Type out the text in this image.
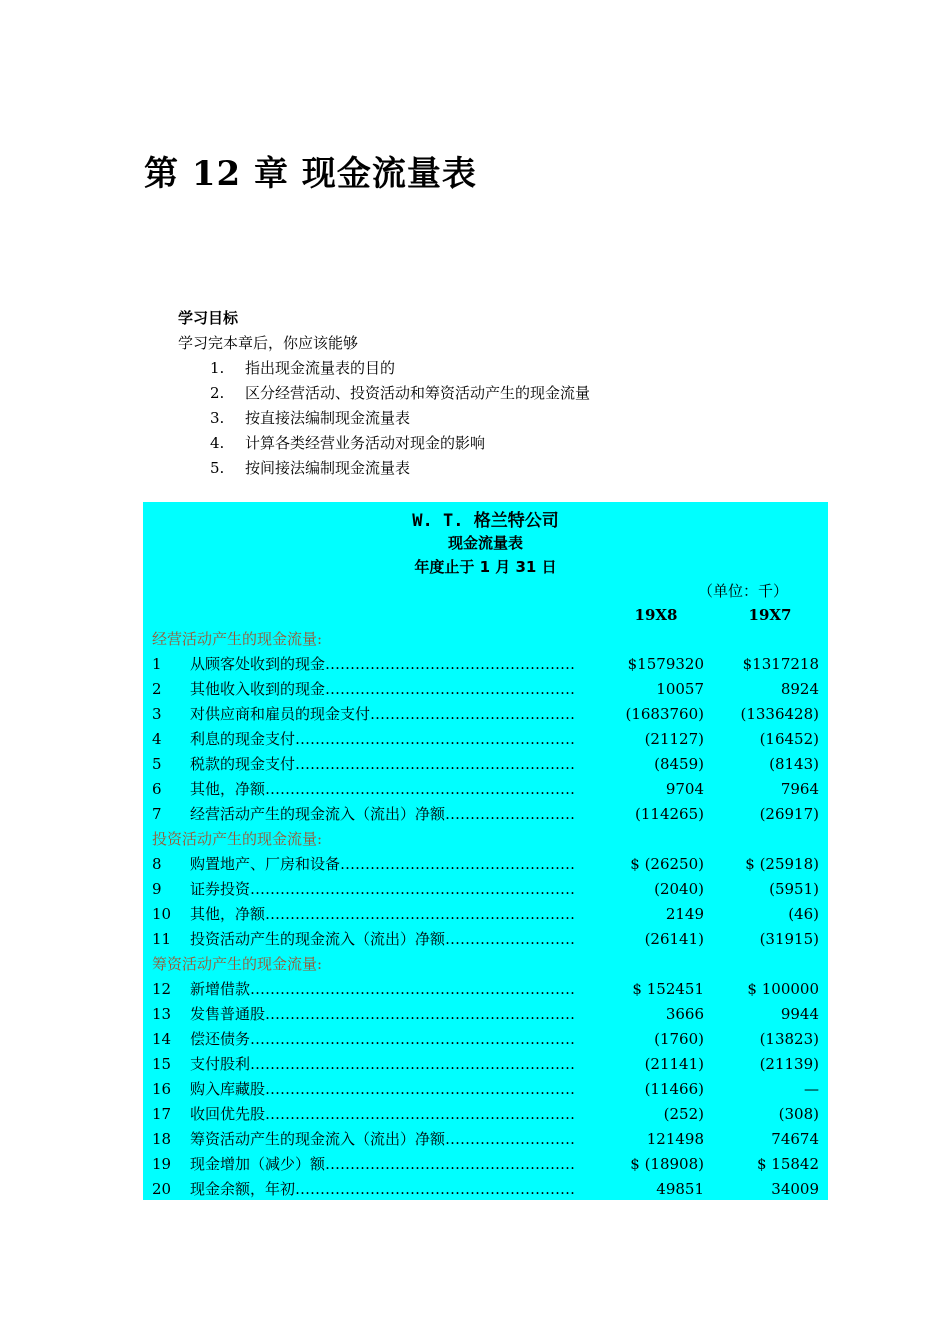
第 12 章 现金流量表
学习目标
学习完本章后，你应该能够
1.	指出现金流量表的目的
2.	区分经营活动、投资活动和筹资活动产生的现金流量
3.	按直接法编制现金流量表
4.	计算各类经营业务活动对现金的影响
5.	按间接法编制现金流量表
W. T. 格兰特公司
现金流量表
年度止于 1 月 31 日
（单位：千）
19X8	19X7
经营活动产生的现金流量:
1 从顾客处收到的现金 …………………………………………………………………………………………………	$1579320	$1317218
2 其他收入收到的现金 …………………………………………………………………………………………………	10057	8924
3 对供应商和雇员的现金支付 …………………………………………………………………………………………………	(1683760)	(1336428)
4 利息的现金支付 …………………………………………………………………………………………………	(21127)	(16452)
5 税款的现金支付 …………………………………………………………………………………………………	(8459)	(8143)
6 其他，净额 …………………………………………………………………………………………………	9704	7964
7 经营活动产生的现金流入（流出）净额 …………………………………………………………………………………………………	(114265)	(26917)
投资活动产生的现金流量:
8 购置地产、厂房和设备 …………………………………………………………………………………………………	$ (26250)	$ (25918)
9 证券投资 …………………………………………………………………………………………………	(2040)	(5951)
10 其他，净额 …………………………………………………………………………………………………	2149	(46)
11 投资活动产生的现金流入（流出）净额 …………………………………………………………………………………………………	(26141)	(31915)
筹资活动产生的现金流量:
12 新增借款 …………………………………………………………………………………………………	$ 152451	$ 100000
13 发售普通股 …………………………………………………………………………………………………	3666	9944
14 偿还债务 …………………………………………………………………………………………………	(1760)	(13823)
15 支付股利 …………………………………………………………………………………………………	(21141)	(21139)
16 购入库藏股 …………………………………………………………………………………………………	(11466)	—
17 收回优先股 …………………………………………………………………………………………………	(252)	(308)
18 筹资活动产生的现金流入（流出）净额 …………………………………………………………………………………………………	121498	74674
19 现金增加（减少）额 …………………………………………………………………………………………………	$ (18908)	$ 15842
20 现金余额，年初 …………………………………………………………………………………………………	49851	34009
